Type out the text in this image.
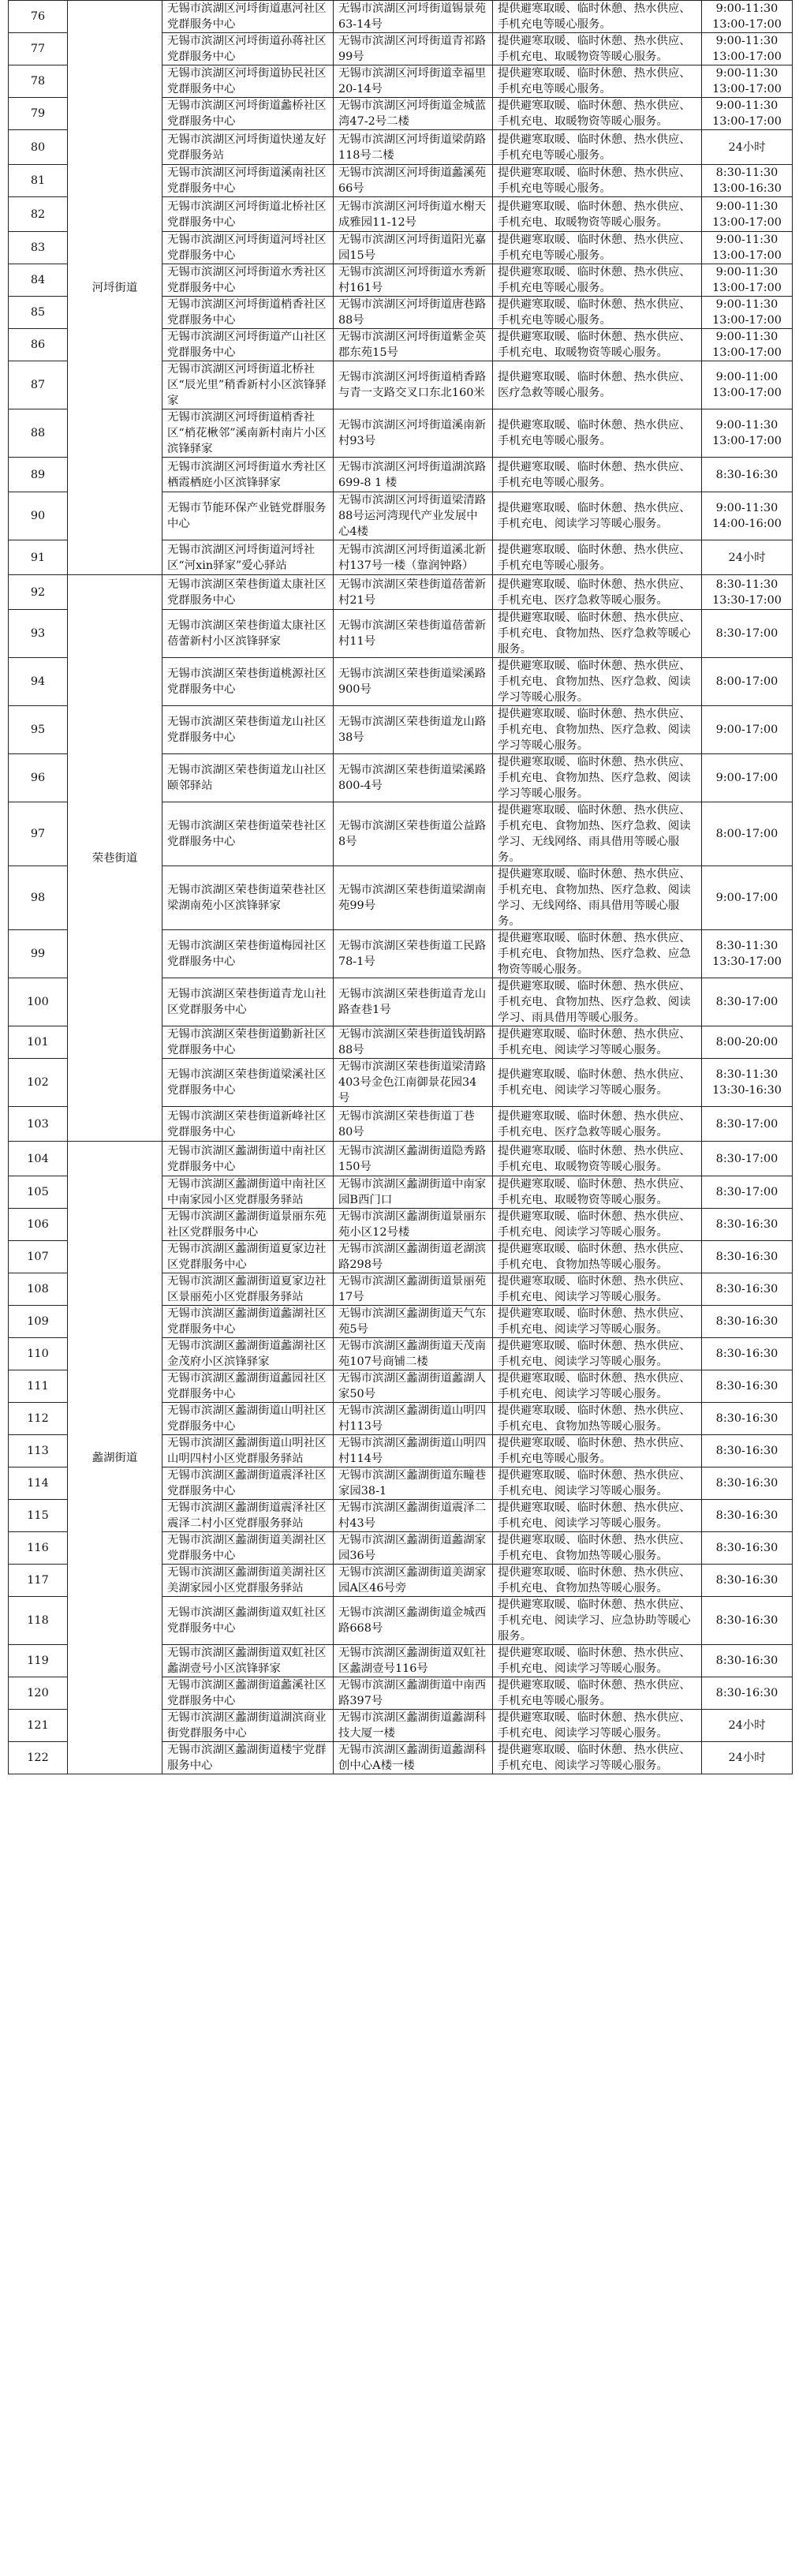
76	河埒街道	无锡市滨湖区河埒街道惠河社区党群服务中心	无锡市滨湖区河埒街道锡景苑63-14号	提供避寒取暖、临时休憩、热水供应、手机充电等暖心服务。	9:00-11:30 13:00-17:00
77		无锡市滨湖区河埒街道孙蒋社区党群服务中心	无锡市滨湖区河埒街道青祁路99号	提供避寒取暖、临时休憩、热水供应、手机充电、取暖物资等暖心服务。	9:00-11:30 13:00-17:00
78		无锡市滨湖区河埒街道协民社区党群服务中心	无锡市滨湖区河埒街道幸福里20-14号	提供避寒取暖、临时休憩、热水供应、手机充电等暖心服务。	9:00-11:30 13:00-17:00
79		无锡市滨湖区河埒街道蠡桥社区党群服务中心	无锡市滨湖区河埒街道金城蓝湾47-2号二楼	提供避寒取暖、临时休憩、热水供应、手机充电、取暖物资等暖心服务。	9:00-11:30 13:00-17:00
80		无锡市滨湖区河埒街道快递友好党群服务站	无锡市滨湖区河埒街道梁荫路118号二楼	提供避寒取暖、临时休憩、热水供应、手机充电等暖心服务。	24小时
81		无锡市滨湖区河埒街道溪南社区党群服务中心	无锡市滨湖区河埒街道蠡溪苑66号	提供避寒取暖、临时休憩、热水供应、手机充电等暖心服务。	8:30-11:30 13:00-16:30
82		无锡市滨湖区河埒街道北桥社区党群服务中心	无锡市滨湖区河埒街道水榭天成雅园11-12号	提供避寒取暖、临时休憩、热水供应、手机充电、取暖物资等暖心服务。	9:00-11:30 13:00-17:00
83		无锡市滨湖区河埒街道河埒社区党群服务中心	无锡市滨湖区河埒街道阳光嘉园15号	提供避寒取暖、临时休憩、热水供应、手机充电等暖心服务。	9:00-11:30 13:00-17:00
84		无锡市滨湖区河埒街道水秀社区党群服务中心	无锡市滨湖区河埒街道水秀新村161号	提供避寒取暖、临时休憩、热水供应、手机充电等暖心服务。	9:00-11:30 13:00-17:00
85		无锡市滨湖区河埒街道梢香社区党群服务中心	无锡市滨湖区河埒街道唐巷路88号	提供避寒取暖、临时休憩、热水供应、手机充电等暖心服务。	9:00-11:30 13:00-17:00
86		无锡市滨湖区河埒街道产山社区党群服务中心	无锡市滨湖区河埒街道紫金英郡东苑15号	提供避寒取暖、临时休憩、热水供应、手机充电、取暖物资等暖心服务。	9:00-11:30 13:00-17:00
87		无锡市滨湖区河埒街道北桥社区“辰光里”稍香新村小区滨锋驿家	无锡市滨湖区河埒街道梢香路与青一支路交叉口东北160米	提供避寒取暖、临时休憩、热水供应、医疗急救等暖心服务。	9:00-11:00 13:00-17:00
88		无锡市滨湖区河埒街道梢香社区“梢花楸邻”溪南新村南片小区滨锋驿家	无锡市滨湖区河埒街道溪南新村93号	提供避寒取暖、临时休憩、热水供应、手机充电等暖心服务。	9:00-11:30 13:00-17:00
89		无锡市滨湖区河埒街道水秀社区栖霞栖庭小区滨锋驿家	无锡市滨湖区河埒街道湖滨路 699-8 1 楼	提供避寒取暖、临时休憩、热水供应、手机充电等暖心服务。	8:30-16:30
90		无锡市节能环保产业链党群服务中心	无锡市滨湖区河埒街道梁清路88号运河湾现代产业发展中心4楼	提供避寒取暖、临时休憩、热水供应、手机充电、阅读学习等暖心服务。	9:00-11:30 14:00-16:00
91		无锡市滨湖区河埒街道河埒社区“河xin驿家”爱心驿站	无锡市滨湖区河埒街道溪北新村137号一楼（靠润钟路）	提供避寒取暖、临时休憩、热水供应、手机充电等暖心服务。	24小时
92	荣巷街道	无锡市滨湖区荣巷街道太康社区党群服务中心	无锡市滨湖区荣巷街道蓓蕾新村21号	提供避寒取暖、临时休憩、热水供应、手机充电、医疗急救等暖心服务。	8:30-11:30 13:30-17:00
93		无锡市滨湖区荣巷街道太康社区蓓蕾新村小区滨锋驿家	无锡市滨湖区荣巷街道蓓蕾新村11号	提供避寒取暖、临时休憩、热水供应、手机充电、食物加热、医疗急救等暖心服务。	8:30-17:00
94		无锡市滨湖区荣巷街道桃源社区党群服务中心	无锡市滨湖区荣巷街道梁溪路900号	提供避寒取暖、临时休憩、热水供应、手机充电、食物加热、医疗急救、阅读学习等暖心服务。	8:00-17:00
95		无锡市滨湖区荣巷街道龙山社区党群服务中心	无锡市滨湖区荣巷街道龙山路38号	提供避寒取暖、临时休憩、热水供应、手机充电、食物加热、医疗急救、阅读学习等暖心服务。	9:00-17:00
96		无锡市滨湖区荣巷街道龙山社区颐邻驿站	无锡市滨湖区荣巷街道梁溪路800-4号	提供避寒取暖、临时休憩、热水供应、手机充电、食物加热、医疗急救、阅读学习等暖心服务。	9:00-17:00
97		无锡市滨湖区荣巷街道荣巷社区党群服务中心	无锡市滨湖区荣巷街道公益路8号	提供避寒取暖、临时休憩、热水供应、手机充电、食物加热、医疗急救、阅读学习、无线网络、雨具借用等暖心服务。	8:00-17:00
98		无锡市滨湖区荣巷街道荣巷社区梁湖南苑小区滨锋驿家	无锡市滨湖区荣巷街道梁湖南苑99号	提供避寒取暖、临时休憩、热水供应、手机充电、食物加热、医疗急救、阅读学习、无线网络、雨具借用等暖心服务。	9:00-17:00
99		无锡市滨湖区荣巷街道梅园社区党群服务中心	无锡市滨湖区荣巷街道工民路78-1号	提供避寒取暖、临时休憩、热水供应、手机充电、食物加热、医疗急救、应急物资等暖心服务。	8:30-11:30 13:30-17:00
100		无锡市滨湖区荣巷街道青龙山社区党群服务中心	无锡市滨湖区荣巷街道青龙山路查巷1号	提供避寒取暖、临时休憩、热水供应、手机充电、食物加热、医疗急救、阅读学习、雨具借用等暖心服务。	8:30-17:00
101		无锡市滨湖区荣巷街道勤新社区党群服务中心	无锡市滨湖区荣巷街道钱胡路88号	提供避寒取暖、临时休憩、热水供应、手机充电、阅读学习等暖心服务。	8:00-20:00
102		无锡市滨湖区荣巷街道梁溪社区党群服务中心	无锡市滨湖区荣巷街道梁清路403号金色江南御景花园34号	提供避寒取暖、临时休憩、热水供应、手机充电、阅读学习等暖心服务。	8:30-11:30 13:30-16:30
103		无锡市滨湖区荣巷街道新峰社区党群服务中心	无锡市滨湖区荣巷街道丁巷80号	提供避寒取暖、临时休憩、热水供应、手机充电、医疗急救等暖心服务。	8:30-17:00
104	蠡湖街道	无锡市滨湖区蠡湖街道中南社区党群服务中心	无锡市滨湖区蠡湖街道隐秀路150号	提供避寒取暖、临时休憩、热水供应、手机充电、取暖物资等暖心服务。	8:30-17:00
105		无锡市滨湖区蠡湖街道中南社区中南家园小区党群服务驿站	无锡市滨湖区蠡湖街道中南家园B西门口	提供避寒取暖、临时休憩、热水供应、手机充电、取暖物资等暖心服务。	8:30-17:00
106		无锡市滨湖区蠡湖街道景丽东苑社区党群服务中心	无锡市滨湖区蠡湖街道景丽东苑小区12号楼	提供避寒取暖、临时休憩、热水供应、手机充电、阅读学习等暖心服务。	8:30-16:30
107		无锡市滨湖区蠡湖街道夏家边社区党群服务中心	无锡市滨湖区蠡湖街道老湖滨路298号	提供避寒取暖、临时休憩、热水供应、手机充电、食物加热等暖心服务。	8:30-16:30
108		无锡市滨湖区蠡湖街道夏家边社区景丽苑小区党群服务驿站	无锡市滨湖区蠡湖街道景丽苑17号	提供避寒取暖、临时休憩、热水供应、手机充电、阅读学习等暖心服务。	8:30-16:30
109		无锡市滨湖区蠡湖街道蠡湖社区党群服务中心	无锡市滨湖区蠡湖街道天气东苑5号	提供避寒取暖、临时休憩、热水供应、手机充电、阅读学习等暖心服务。	8:30-16:30
110		无锡市滨湖区蠡湖街道蠡湖社区金茂府小区滨锋驿家	无锡市滨湖区蠡湖街道天茂南苑107号商铺二楼	提供避寒取暖、临时休憩、热水供应、手机充电、阅读学习等暖心服务。	8:30-16:30
111		无锡市滨湖区蠡湖街道蠡园社区党群服务中心	无锡市滨湖区蠡湖街道蠡湖人家50号	提供避寒取暖、临时休憩、热水供应、手机充电、阅读学习等暖心服务。	8:30-16:30
112		无锡市滨湖区蠡湖街道山明社区党群服务中心	无锡市滨湖区蠡湖街道山明四村113号	提供避寒取暖、临时休憩、热水供应、手机充电、食物加热等暖心服务。	8:30-16:30
113		无锡市滨湖区蠡湖街道山明社区山明四村小区党群服务驿站	无锡市滨湖区蠡湖街道山明四村114号	提供避寒取暖、临时休憩、热水供应、手机充电等暖心服务。	8:30-16:30
114		无锡市滨湖区蠡湖街道震泽社区党群服务中心	无锡市滨湖区蠡湖街道东疃巷家园38-1	提供避寒取暖、临时休憩、热水供应、手机充电、阅读学习等暖心服务。	8:30-16:30
115		无锡市滨湖区蠡湖街道震泽社区震泽二村小区党群服务驿站	无锡市滨湖区蠡湖街道震泽二村43号	提供避寒取暖、临时休憩、热水供应、手机充电、阅读学习等暖心服务。	8:30-16:30
116		无锡市滨湖区蠡湖街道美湖社区党群服务中心	无锡市滨湖区蠡湖街道蠡湖家园36号	提供避寒取暖、临时休憩、热水供应、手机充电、食物加热等暖心服务。	8:30-16:30
117		无锡市滨湖区蠡湖街道美湖社区美湖家园小区党群服务驿站	无锡市滨湖区蠡湖街道美湖家园A区46号旁	提供避寒取暖、临时休憩、热水供应、手机充电、食物加热等暖心服务。	8:30-16:30
118		无锡市滨湖区蠡湖街道双虹社区党群服务中心	无锡市滨湖区蠡湖街道金城西路668号	提供避寒取暖、临时休憩、热水供应、手机充电、阅读学习、应急协助等暖心服务。	8:30-16:30
119		无锡市滨湖区蠡湖街道双虹社区蠡湖壹号小区滨锋驿家	无锡市滨湖区蠡湖街道双虹社区蠡湖壹号116号	提供避寒取暖、临时休憩、热水供应、手机充电、阅读学习等暖心服务。	8:30-16:30
120		无锡市滨湖区蠡湖街道蠡溪社区党群服务中心	无锡市滨湖区蠡湖街道中南西路397号	提供避寒取暖、临时休憩、热水供应、手机充电等暖心服务。	8:30-16:30
121		无锡市滨湖区蠡湖街道湖滨商业街党群服务中心	无锡市滨湖区蠡湖街道蠡湖科技大厦一楼	提供避寒取暖、临时休憩、热水供应、手机充电、阅读学习等暖心服务。	24小时
122		无锡市滨湖区蠡湖街道楼宇党群服务中心	无锡市滨湖区蠡湖街道蠡湖科创中心A楼一楼	提供避寒取暖、临时休憩、热水供应、手机充电、阅读学习等暖心服务。	24小时
